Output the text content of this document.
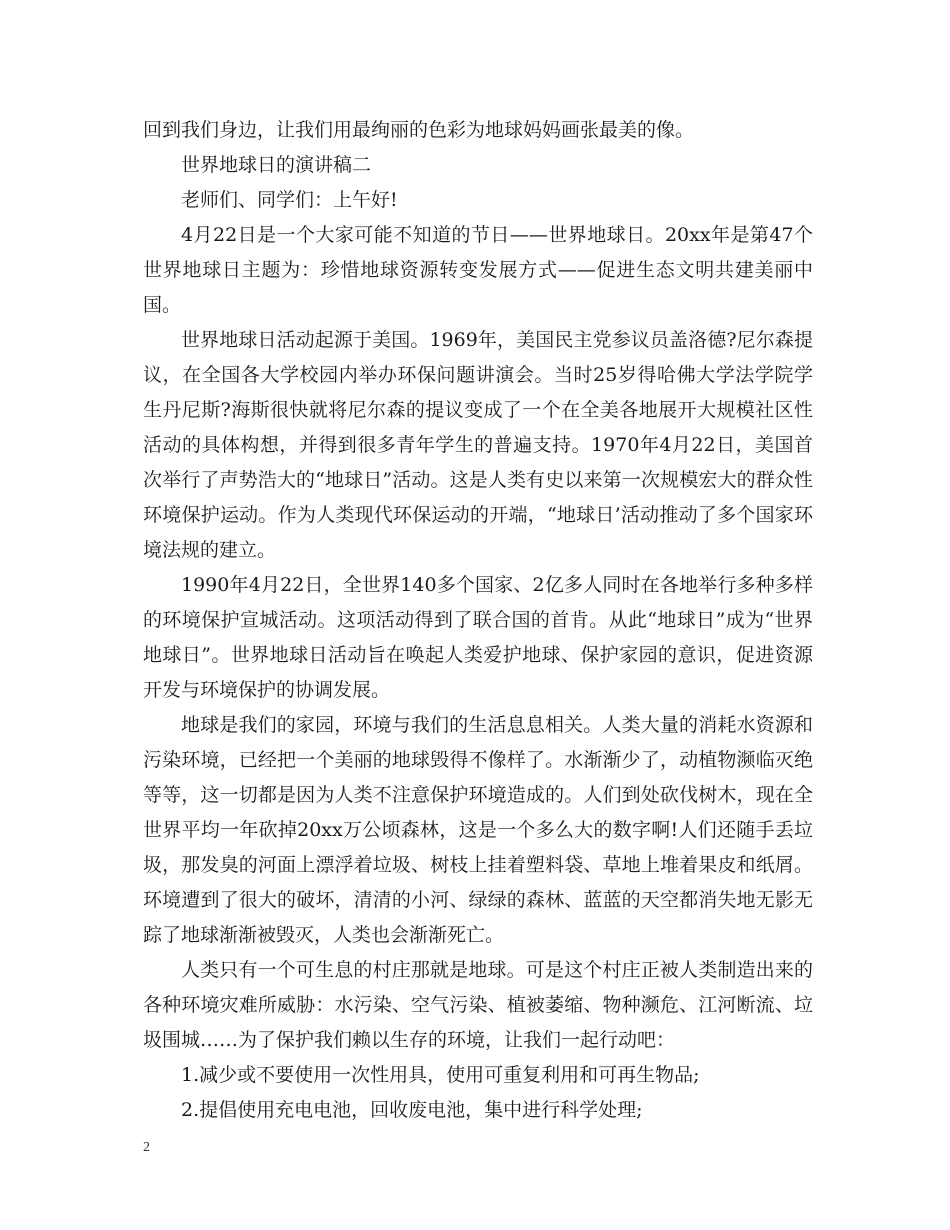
回到我们身边，让我们用最绚丽的色彩为地球妈妈画张最美的像。

世界地球日的演讲稿二

老师们、同学们：上午好!

4月22日是一个大家可能不知道的节日——世界地球日。20xx年是第47个世界地球日主题为：珍惜地球资源转变发展方式——促进生态文明共建美丽中国。

世界地球日活动起源于美国。1969年，美国民主党参议员盖洛德?尼尔森提议，在全国各大学校园内举办环保问题讲演会。当时25岁得哈佛大学法学院学生丹尼斯?海斯很快就将尼尔森的提议变成了一个在全美各地展开大规模社区性活动的具体构想，并得到很多青年学生的普遍支持。1970年4月22日，美国首次举行了声势浩大的“地球日”活动。这是人类有史以来第一次规模宏大的群众性环境保护运动。作为人类现代环保运动的开端，“地球日’活动推动了多个国家环境法规的建立。

1990年4月22日，全世界140多个国家、2亿多人同时在各地举行多种多样的环境保护宣城活动。这项活动得到了联合国的首肯。从此“地球日”成为“世界地球日”。世界地球日活动旨在唤起人类爱护地球、保护家园的意识，促进资源开发与环境保护的协调发展。

地球是我们的家园，环境与我们的生活息息相关。人类大量的消耗水资源和污染环境，已经把一个美丽的地球毁得不像样了。水渐渐少了，动植物濒临灭绝等等，这一切都是因为人类不注意保护环境造成的。人们到处砍伐树木，现在全世界平均一年砍掉20xx万公顷森林，这是一个多么大的数字啊!人们还随手丢垃圾，那发臭的河面上漂浮着垃圾、树枝上挂着塑料袋、草地上堆着果皮和纸屑。环境遭到了很大的破坏，清清的小河、绿绿的森林、蓝蓝的天空都消失地无影无踪了地球渐渐被毁灭，人类也会渐渐死亡。

人类只有一个可生息的村庄那就是地球。可是这个村庄正被人类制造出来的各种环境灾难所威胁：水污染、空气污染、植被萎缩、物种濒危、江河断流、垃圾围城……为了保护我们赖以生存的环境，让我们一起行动吧：

1.减少或不要使用一次性用具，使用可重复利用和可再生物品;

2.提倡使用充电电池，回收废电池，集中进行科学处理;

2
